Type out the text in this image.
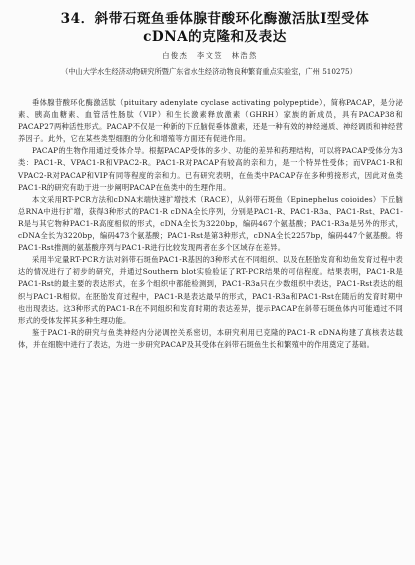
34．斜带石斑鱼垂体腺苷酸环化酶激活肽Ⅰ型受体
cDNA的克隆和及表达
白俊杰　李文笠　林浩然
（中山大学水生经济动物研究所暨广东省水生经济动物良种繁育重点实验室，广州 510275）

垂体腺苷酸环化酶激活肽（pituitary adenylate cyclase activating polypeptide），简称PACAP，是分泌素、胰高血糖素、血管活性肠肽（VIP）和生长激素释放激素（GHRH）家族的新成员，具有PACAP38和PACAP27两种活性形式。PACAP不仅是一种新的下丘脑促垂体激素，还是一种有效的神经递质、神经调质和神经营养因子。此外，它在某些类型细胞的分化和增殖等方面还有促进作用。

PACAP的生物作用通过受体介导。根据PACAP受体的多少、功能的差异和药理结构，可以将PACAP受体分为3类：PAC1-R、VPAC1-R和VPAC2-R。PAC1-R对PACAP有较高的亲和力，是一个特异性受体；而VPAC1-R和VPAC2-R对PACAP和VIP有同等程度的亲和力。已有研究表明，在鱼类中PACAP存在多种剪接形式，因此对鱼类PAC1-R的研究有助于进一步阐明PACAP在鱼类中的生理作用。

本文采用RT-PCR方法和cDNA末端快速扩增技术（RACE），从斜带石斑鱼（Epinephelus coioides）下丘脑总RNA中进行扩增，获得3种形式的PAC1-R cDNA全长序列，分别是PAC1-R、PAC1-R3a、PAC1-Rst、PAC1-R是与其它物种PAC1-R高度相似的形式，cDNA全长为3220bp，编码467个氨基酸；PAC1-R3a是另外的形式，cDNA全长为3220bp，编码473个氨基酸；PAC1-Rst是第3种形式，cDNA全长2257bp，编码447个氨基酸。将PAC1-Rst推测的氨基酸序列与PAC1-R进行比较发现两者在多个区域存在差异。

采用半定量RT-PCR方法对斜带石斑鱼PAC1-R基因的3种形式在不同组织、以及在胚胎发育和幼鱼发育过程中表达的情况进行了初步的研究，并通过Southern blot实验验证了RT-PCR结果的可信程度。结果表明，PAC1-R是PAC1-Rst的最主要的表达形式，在多个组织中都能检测到，PAC1-R3a只在少数组织中表达，PAC1-Rst表达的组织与PAC1-R相似。在胚胎发育过程中，PAC1-R是表达最早的形式，PAC1-R3a和PAC1-Rst在随后的发育时期中也出现表达。这3种形式的PAC1-R在不同组织和发育时期的表达差异，提示PACAP在斜带石斑鱼体内可能通过不同形式的受体发挥其多种生理功能。

鉴于PAC1-R的研究与鱼类神经内分泌调控关系密切，本研究利用已克隆的PAC1-R cDNA构建了真核表达载体，并在细胞中进行了表达，为进一步研究PACAP及其受体在斜带石斑鱼生长和繁殖中的作用奠定了基础。
